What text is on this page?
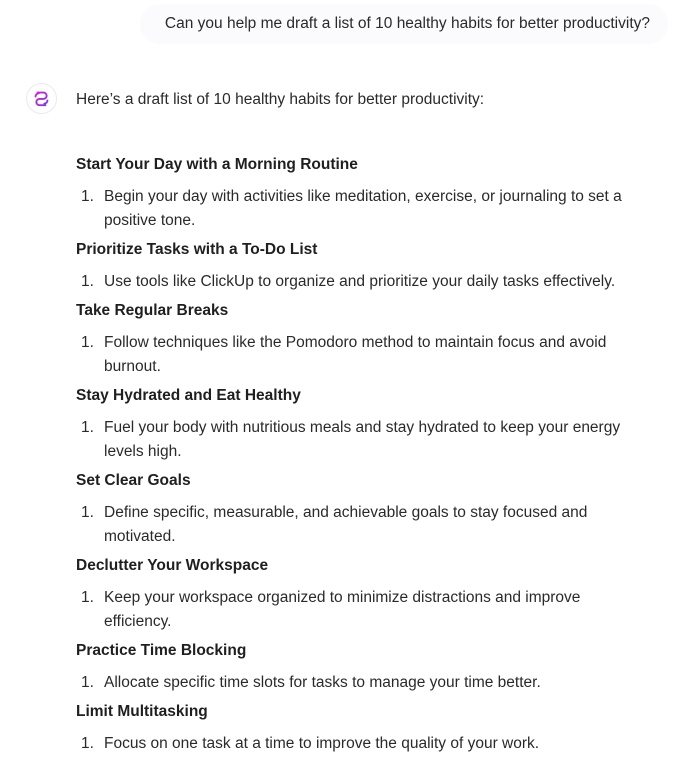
Can you help me draft a list of 10 healthy habits for better productivity?

Here’s a draft list of 10 healthy habits for better productivity:

Start Your Day with a Morning Routine

1. Begin your day with activities like meditation, exercise, or journaling to set a positive tone.

Prioritize Tasks with a To-Do List

1. Use tools like ClickUp to organize and prioritize your daily tasks effectively.

Take Regular Breaks

1. Follow techniques like the Pomodoro method to maintain focus and avoid burnout.

Stay Hydrated and Eat Healthy

1. Fuel your body with nutritious meals and stay hydrated to keep your energy levels high.

Set Clear Goals

1. Define specific, measurable, and achievable goals to stay focused and motivated.

Declutter Your Workspace

1. Keep your workspace organized to minimize distractions and improve efficiency.

Practice Time Blocking

1. Allocate specific time slots for tasks to manage your time better.

Limit Multitasking

1. Focus on one task at a time to improve the quality of your work.
